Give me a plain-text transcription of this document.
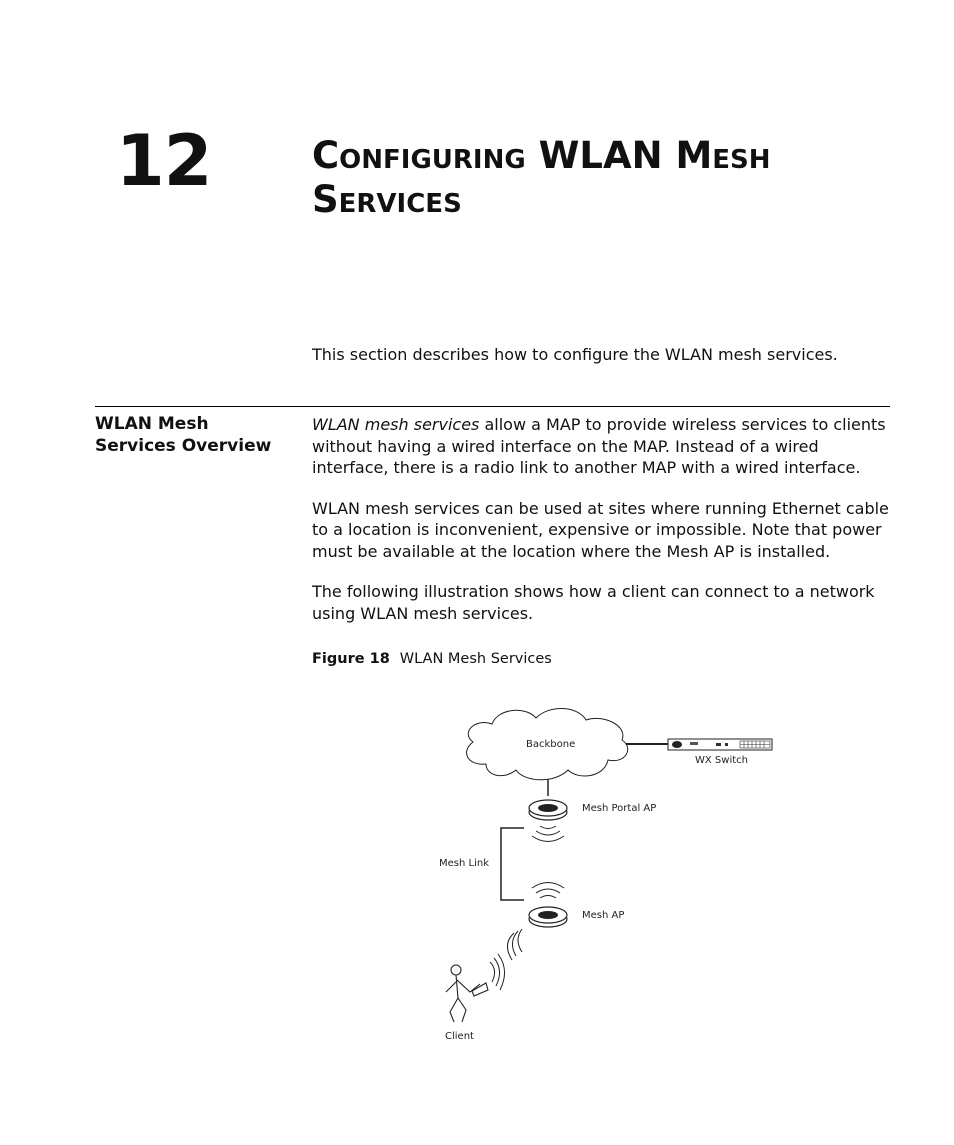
12	Configuring WLAN Mesh Services

This section describes how to configure the WLAN mesh services.

WLAN Mesh Services Overview

WLAN mesh services allow a MAP to provide wireless services to clients without having a wired interface on the MAP. Instead of a wired interface, there is a radio link to another MAP with a wired interface.

WLAN mesh services can be used at sites where running Ethernet cable to a location is inconvenient, expensive or impossible. Note that power must be available at the location where the Mesh AP is installed.

The following illustration shows how a client can connect to a network using WLAN mesh services.

Figure 18 WLAN Mesh Services
Backbone
WX Switch
Mesh Portal AP
Mesh Link
Mesh AP
Client
